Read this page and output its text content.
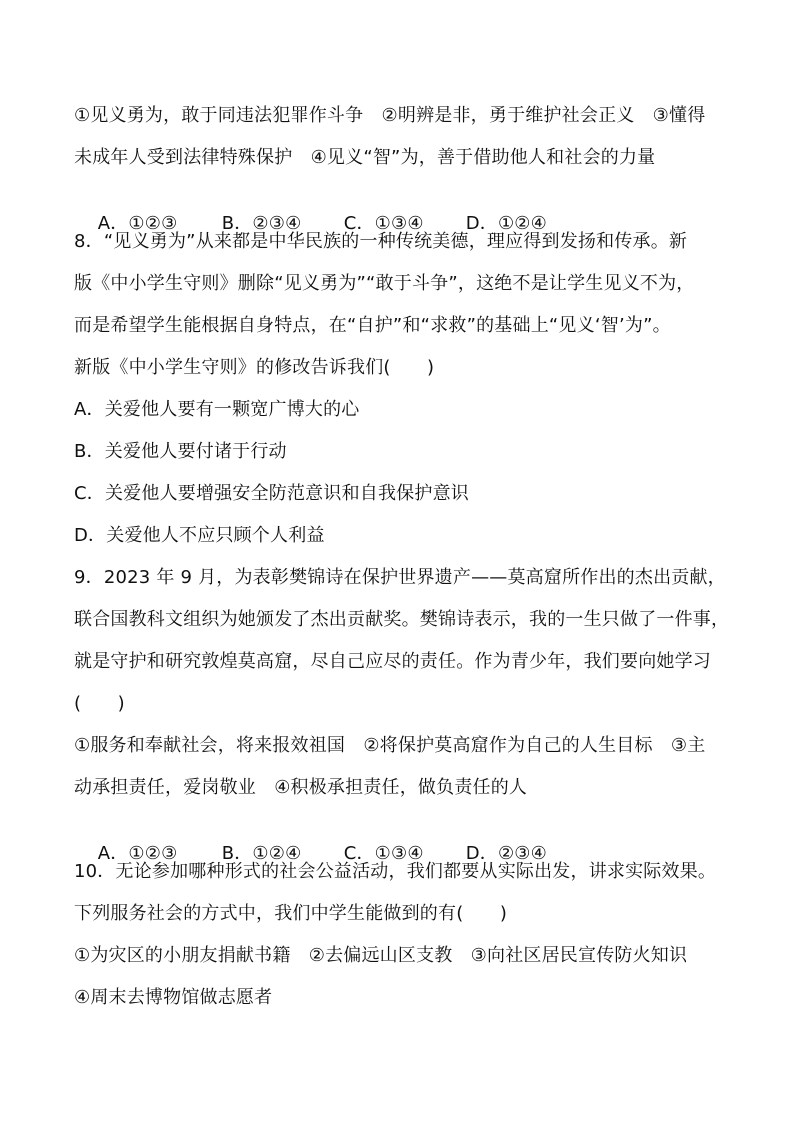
①见义勇为，敢于同违法犯罪作斗争　②明辨是非，勇于维护社会正义　③懂得
未成年人受到法律特殊保护　④见义“智”为，善于借助他人和社会的力量

A．①②③ B．②③④ C．①③④ D．①②④

8．“见义勇为”从来都是中华民族的一种传统美德，理应得到发扬和传承。新
版《中小学生守则》删除“见义勇为”“敢于斗争”，这绝不是让学生见义不为，
而是希望学生能根据自身特点，在“自护”和“求救”的基础上“见义‘智’为”。
新版《中小学生守则》的修改告诉我们(　　)
A．关爱他人要有一颗宽广博大的心
B．关爱他人要付诸于行动
C．关爱他人要增强安全防范意识和自我保护意识
D．关爱他人不应只顾个人利益
9．2023 年 9 月，为表彰樊锦诗在保护世界遗产——莫高窟所作出的杰出贡献，
联合国教科文组织为她颁发了杰出贡献奖。樊锦诗表示，我的一生只做了一件事，
就是守护和研究敦煌莫高窟，尽自己应尽的责任。作为青少年，我们要向她学习
(　　)
①服务和奉献社会，将来报效祖国　②将保护莫高窟作为自己的人生目标　③主
动承担责任，爱岗敬业　④积极承担责任，做负责任的人

A．①②③ B．①②④ C．①③④ D．②③④

10．无论参加哪种形式的社会公益活动，我们都要从实际出发，讲求实际效果。
下列服务社会的方式中，我们中学生能做到的有(　　)
①为灾区的小朋友捐献书籍　②去偏远山区支教　③向社区居民宣传防火知识
④周末去博物馆做志愿者
